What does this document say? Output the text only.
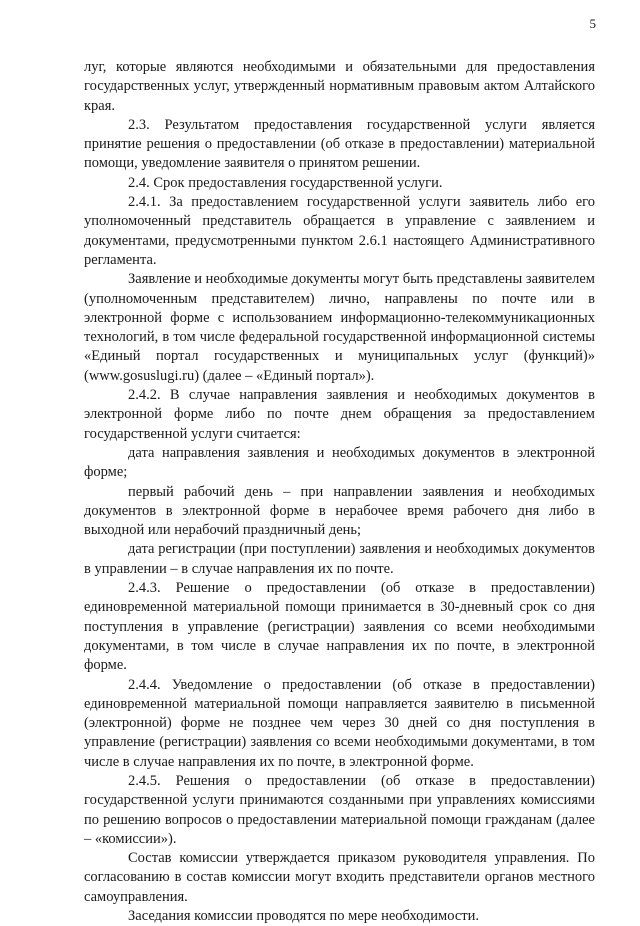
5

луг, которые являются необходимыми и обязательными для предоставления государственных услуг, утвержденный нормативным правовым актом Алтайского края.

2.3. Результатом предоставления государственной услуги является принятие решения о предоставлении (об отказе в предоставлении) материальной помощи, уведомление заявителя о принятом решении.

2.4. Срок предоставления государственной услуги.

2.4.1. За предоставлением государственной услуги заявитель либо его уполномоченный представитель обращается в управление с заявлением и документами, предусмотренными пунктом 2.6.1 настоящего Административного регламента.

Заявление и необходимые документы могут быть представлены заявителем (уполномоченным представителем) лично, направлены по почте или в электронной форме с использованием информационно-телекоммуникационных технологий, в том числе федеральной государственной информационной системы «Единый портал государственных и муниципальных услуг (функций)» (www.gosuslugi.ru) (далее – «Единый портал»).

2.4.2. В случае направления заявления и необходимых документов в электронной форме либо по почте днем обращения за предоставлением государственной услуги считается:

дата направления заявления и необходимых документов в электронной форме;

первый рабочий день – при направлении заявления и необходимых документов в электронной форме в нерабочее время рабочего дня либо в выходной или нерабочий праздничный день;

дата регистрации (при поступлении) заявления и необходимых документов в управлении – в случае направления их по почте.

2.4.3. Решение о предоставлении (об отказе в предоставлении) единовременной материальной помощи принимается в 30-дневный срок со дня поступления в управление (регистрации) заявления со всеми необходимыми документами, в том числе в случае направления их по почте, в электронной форме.

2.4.4. Уведомление о предоставлении (об отказе в предоставлении) единовременной материальной помощи направляется заявителю в письменной (электронной) форме не позднее чем через 30 дней со дня поступления в управление (регистрации) заявления со всеми необходимыми документами, в том числе в случае направления их по почте, в электронной форме.

2.4.5. Решения о предоставлении (об отказе в предоставлении) государственной услуги принимаются созданными при управлениях комиссиями по решению вопросов о предоставлении материальной помощи гражданам (далее – «комиссии»).

Состав комиссии утверждается приказом руководителя управления. По согласованию в состав комиссии могут входить представители органов местного самоуправления.

Заседания комиссии проводятся по мере необходимости.
